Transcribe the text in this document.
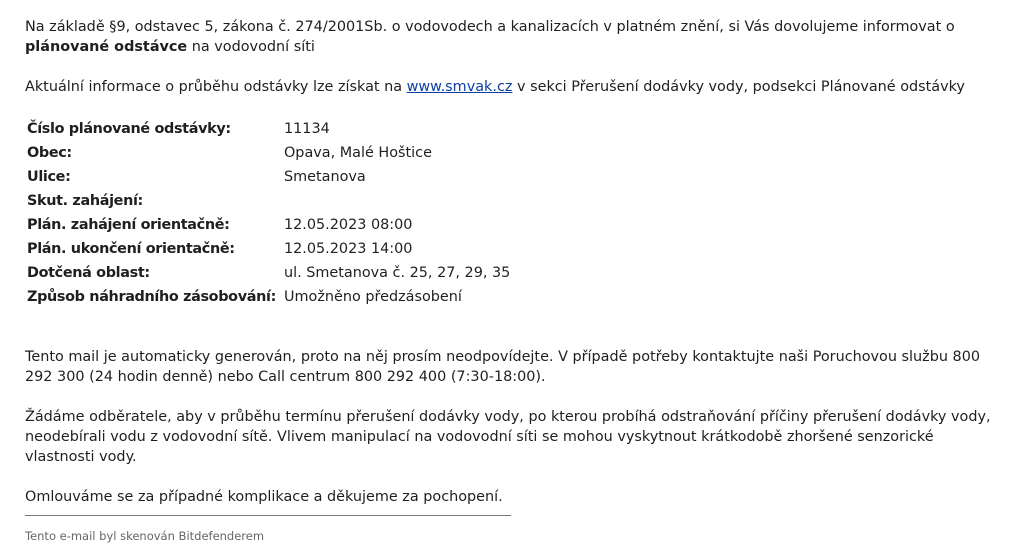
Na základě §9, odstavec 5, zákona č. 274/2001Sb. o vodovodech a kanalizacích v platném znění, si Vás dovolujeme informovat o plánované odstávce na vodovodní síti

Aktuální informace o průběhu odstávky lze získat na www.smvak.cz v sekci Přerušení dodávky vody, podsekci Plánované odstávky

Číslo plánované odstávky:	11134
Obec:	Opava, Malé Hoštice
Ulice:	Smetanova
Skut. zahájení:	
Plán. zahájení orientačně:	12.05.2023 08:00
Plán. ukončení orientačně:	12.05.2023 14:00
Dotčená oblast:	ul. Smetanova č. 25, 27, 29, 35
Způsob náhradního zásobování:	Umožněno předzásobení

Tento mail je automaticky generován, proto na něj prosím neodpovídejte. V případě potřeby kontaktujte naši Poruchovou službu 800 292 300 (24 hodin denně) nebo Call centrum 800 292 400 (7:30-18:00).

Žádáme odběratele, aby v průběhu termínu přerušení dodávky vody, po kterou probíhá odstraňování příčiny přerušení dodávky vody, neodebírali vodu z vodovodní sítě. Vlivem manipulací na vodovodní síti se mohou vyskytnout krátkodobě zhoršené senzorické vlastnosti vody.

Omlouváme se za případné komplikace a děkujeme za pochopení.

Tento e-mail byl skenován Bitdefenderem
